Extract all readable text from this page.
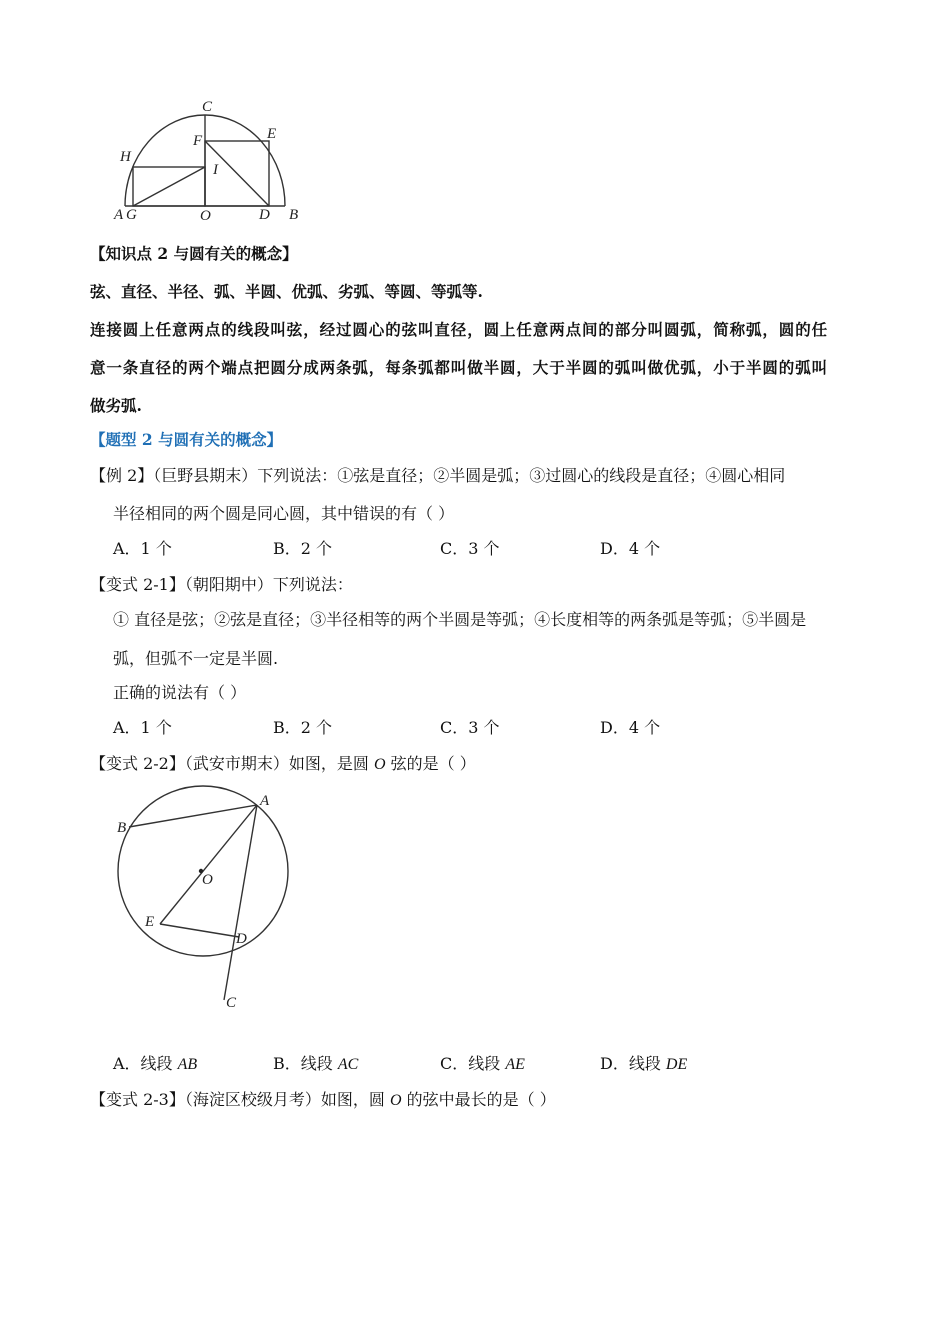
C
F	E
H
I
A G	O	D B
【知识点 2 与圆有关的概念】
弦、直径、半径、弧、半圆、优弧、劣弧、等圆、等弧等.
连接圆上任意两点的线段叫弦，经过圆心的弦叫直径，圆上任意两点间的部分叫圆弧，简称弧，圆的任
意一条直径的两个端点把圆分成两条弧，每条弧都叫做半圆，大于半圆的弧叫做优弧，小于半圆的弧叫
做劣弧.
【题型 2 与圆有关的概念】
【例 2】（巨野县期末）下列说法：①弦是直径；②半圆是弧；③过圆心的线段是直径；④圆心相同
半径相同的两个圆是同心圆，其中错误的有（ ）
A．1 个	B．2 个	C．3 个	D．4 个
【变式 2-1】（朝阳期中）下列说法：
① 直径是弦；②弦是直径；③半径相等的两个半圆是等弧；④长度相等的两条弧是等弧；⑤半圆是
弧，但弧不一定是半圆.
正确的说法有（ ）
A．1 个	B．2 个	C．3 个	D．4 个
【变式 2-2】（武安市期末）如图，是圆 O 弦的是（ ）
A
B
O
E
D
C
A．线段 AB	B．线段 AC	C．线段 AE	D．线段 DE
【变式 2-3】（海淀区校级月考）如图，圆 O 的弦中最长的是（ ）
